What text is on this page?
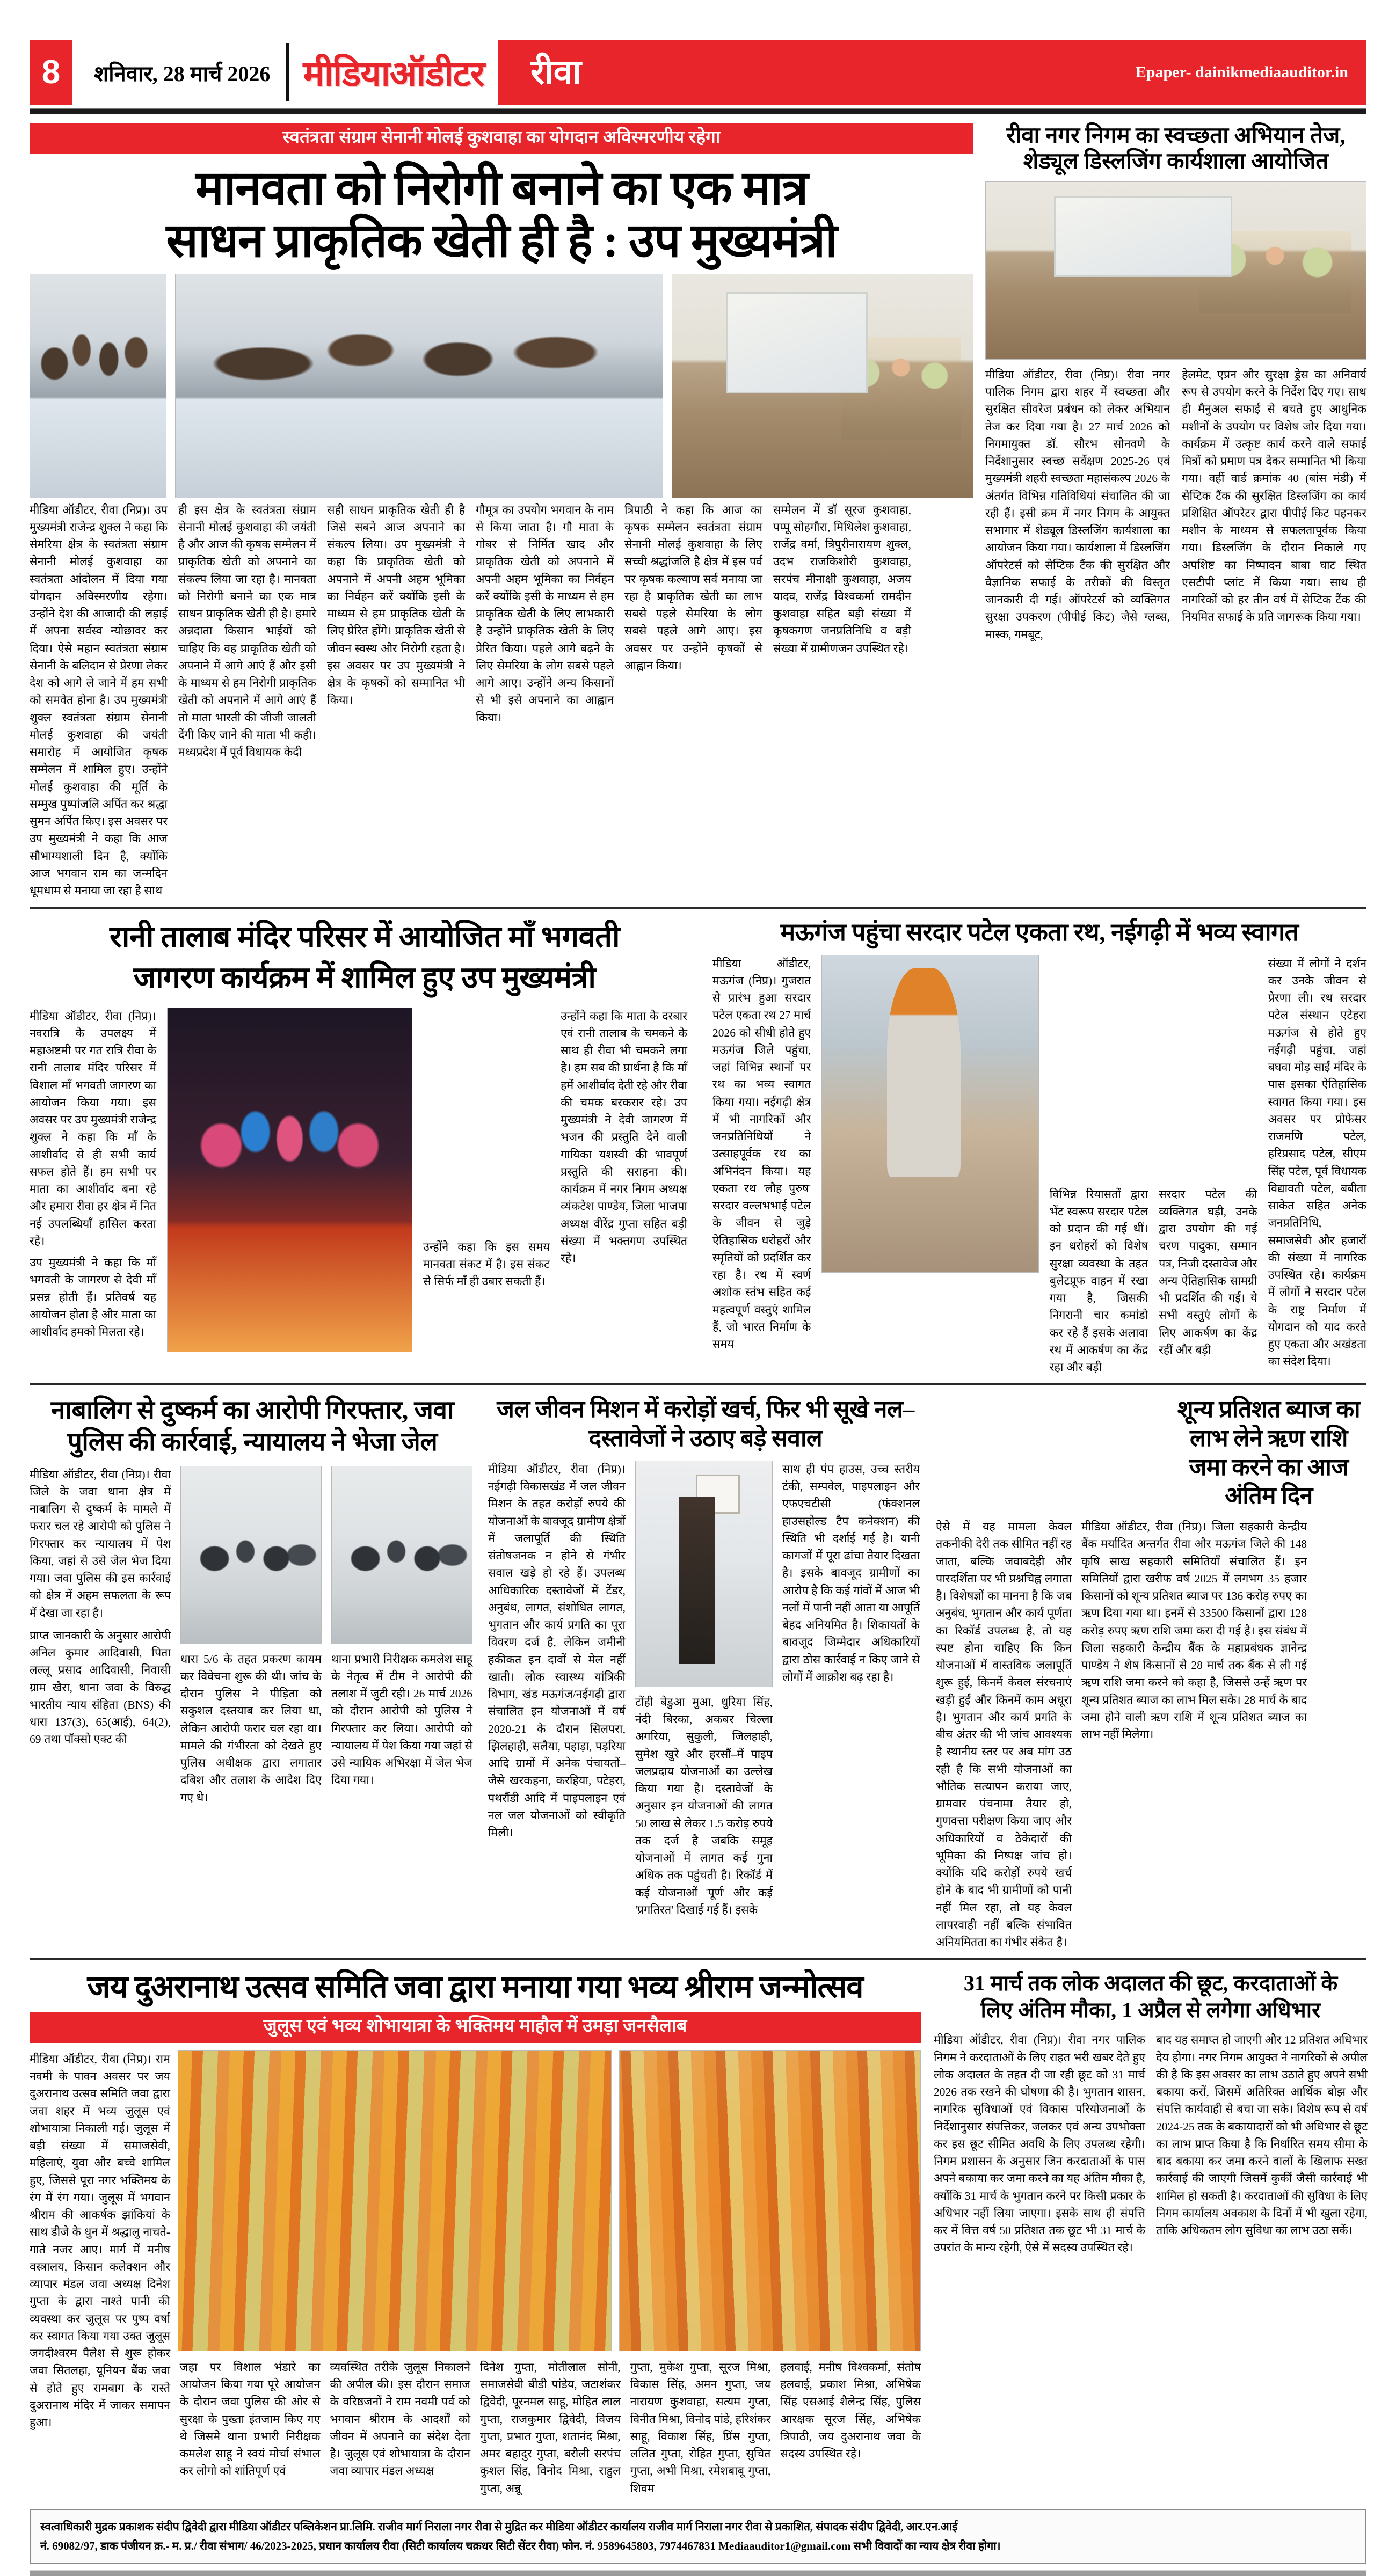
8	शनिवार, 28 मार्च 2026 मीडियाऑडीटर	रीवा	Epaper- dainikmediaauditor.in
स्वतंत्रता संग्राम सेनानी मोलई कुशवाहा का योगदान अविस्मरणीय रहेगा
मानवता को निरोगी बनाने का एक मात्र
साधन प्राकृतिक खेती ही है : उप मुख्यमंत्री
मीडिया ऑडीटर, रीवा (निप्र)। उप मुख्यमंत्री राजेन्द्र शुक्ल ने कहा कि सेमरिया क्षेत्र के स्वतंत्रता संग्राम सेनानी मोलई कुशवाहा का स्वतंत्रता आंदोलन में दिया गया योगदान अविस्मरणीय रहेगा। उन्होंने देश की आजादी की लड़ाई में अपना सर्वस्व न्योछावर कर दिया। ऐसे महान स्वतंत्रता संग्राम सेनानी के बलिदान से प्रेरणा लेकर देश को आगे ले जाने में हम सभी को समवेत होना है। उप मुख्यमंत्री शुक्ल स्वतंत्रता संग्राम सेनानी मोलई कुशवाहा की जयंती समारोह में आयोजित कृषक सम्मेलन में शामिल हुए। उन्होंने मोलई कुशवाहा की मूर्ति के सम्मुख पुष्पांजलि अर्पित कर श्रद्धा सुमन अर्पित किए। इस अवसर पर उप मुख्यमंत्री ने कहा कि आज सौभाग्यशाली दिन है, क्योंकि आज भगवान राम का जन्मदिन धूमधाम से मनाया जा रहा है साथ
ही इस क्षेत्र के स्वतंत्रता संग्राम सेनानी मोलई कुशवाहा की जयंती है और आज की कृषक सम्मेलन में प्राकृतिक खेती को अपनाने का संकल्प लिया जा रहा है। मानवता को निरोगी बनाने का एक मात्र साधन प्राकृतिक खेती ही है। हमारे अन्नदाता किसान भाईयों को चाहिए कि वह प्राकृतिक खेती को अपनाने में आगे आएं हैं और इसी के माध्यम से हम निरोगी प्राकृतिक खेती को अपनाने में आगे आएं हैं तो माता भारती की जीजी जालती देंगी किए जाने की माता भी कही। मध्यप्रदेश में पूर्व विधायक केदी
सही साधन प्राकृतिक खेती ही है जिसे सबने आज अपनाने का संकल्प लिया। उप मुख्यमंत्री ने कहा कि प्राकृतिक खेती को अपनाने में अपनी अहम भूमिका का निर्वहन करें क्योंकि इसी के माध्यम से हम प्राकृतिक खेती के लिए प्रेरित होंगे। प्राकृतिक खेती से जीवन स्वस्थ और निरोगी रहता है। इस अवसर पर उप मुख्यमंत्री ने क्षेत्र के कृषकों को सम्मानित भी किया।
गौमूत्र का उपयोग भगवान के नाम से किया जाता है। गौ माता के गोबर से निर्मित खाद और प्राकृतिक खेती को अपनाने में अपनी अहम भूमिका का निर्वहन करें क्योंकि इसी के माध्यम से हम प्राकृतिक खेती के लिए लाभकारी है उन्होंने प्राकृतिक खेती के लिए प्रेरित किया। पहले आगे बढ़ने के लिए सेमरिया के लोग सबसे पहले आगे आए। उन्होंने अन्य किसानों से भी इसे अपनाने का आह्वान किया।
त्रिपाठी ने कहा कि आज का कृषक सम्मेलन स्वतंत्रता संग्राम सेनानी मोलई कुशवाहा के लिए सच्ची श्रद्धांजलि है क्षेत्र में इस पर्व पर कृषक कल्याण सर्व मनाया जा रहा है प्राकृतिक खेती का लाभ सबसे पहले सेमरिया के लोग सबसे पहले आगे आए। इस अवसर पर उन्होंने कृषकों से आह्वान किया।
सम्मेलन में डॉ सूरज कुशवाहा, पप्पू सोहगौरा, मिथिलेश कुशवाहा, राजेंद्र वर्मा, त्रिपुरीनारायण शुक्ल, उदभ राजकिशोरी कुशवाहा, सरपंच मीनाक्षी कुशवाहा, अजय यादव, राजेंद्र विश्वकर्मा रामदीन कुशवाहा सहित बड़ी संख्या में कृषकगण जनप्रतिनिधि व बड़ी संख्या में ग्रामीणजन उपस्थित रहे।
रीवा नगर निगम का स्वच्छता अभियान तेज, शेड्यूल डिस्लजिंग कार्यशाला आयोजित
मीडिया ऑडीटर, रीवा (निप्र)। रीवा नगर पालिक निगम द्वारा शहर में स्वच्छता और सुरक्षित सीवरेज प्रबंधन को लेकर अभियान तेज कर दिया गया है। 27 मार्च 2026 को निगमायुक्त डॉ. सौरभ सोनवणे के निर्देशानुसार स्वच्छ सर्वेक्षण 2025-26 एवं मुख्यमंत्री शहरी स्वच्छता महासंकल्प 2026 के अंतर्गत विभिन्न गतिविधियां संचालित की जा रही हैं। इसी क्रम में नगर निगम के आयुक्त सभागार में शेड्यूल डिस्लजिंग कार्यशाला का आयोजन किया गया। कार्यशाला में डिस्लजिंग ऑपरेटर्स को सेप्टिक टैंक की सुरक्षित और वैज्ञानिक सफाई के तरीकों की विस्तृत जानकारी दी गई। ऑपरेटर्स को व्यक्तिगत सुरक्षा उपकरण (पीपीई किट) जैसे ग्लब्स, मास्क, गमबूट,
हेलमेट, एप्रन और सुरक्षा ड्रेस का अनिवार्य रूप से उपयोग करने के निर्देश दिए गए। साथ ही मैनुअल सफाई से बचते हुए आधुनिक मशीनों के उपयोग पर विशेष जोर दिया गया। कार्यक्रम में उत्कृष्ट कार्य करने वाले सफाई मित्रों को प्रमाण पत्र देकर सम्मानित भी किया गया। वहीं वार्ड क्रमांक 40 (बांस मंडी) में सेप्टिक टैंक की सुरक्षित डिस्लजिंग का कार्य प्रशिक्षित ऑपरेटर द्वारा पीपीई किट पहनकर मशीन के माध्यम से सफलतापूर्वक किया गया। डिस्लजिंग के दौरान निकाले गए अपशिष्ट का निष्पादन बाबा घाट स्थित एसटीपी प्लांट में किया गया। साथ ही नागरिकों को हर तीन वर्ष में सेप्टिक टैंक की नियमित सफाई के प्रति जागरूक किया गया।
रानी तालाब मंदिर परिसर में आयोजित माँ भगवती
जागरण कार्यक्रम में शामिल हुए उप मुख्यमंत्री
मीडिया ऑडीटर, रीवा (निप्र)। नवरात्रि के उपलक्ष्य में महाअष्टमी पर गत रात्रि रीवा के रानी तालाब मंदिर परिसर में विशाल माँ भगवती जागरण का आयोजन किया गया। इस अवसर पर उप मुख्यमंत्री राजेन्द्र शुक्ल ने कहा कि माँ के आशीर्वाद से ही सभी कार्य सफल होते हैं। हम सभी पर माता का आशीर्वाद बना रहे और हमारा रीवा हर क्षेत्र में नित नई उपलब्धियाँ हासिल करता रहे।
उप मुख्यमंत्री ने कहा कि माँ भगवती के जागरण से देवी माँ प्रसन्न होती हैं। प्रतिवर्ष यह आयोजन होता है और माता का आशीर्वाद हमको मिलता रहे।
उन्होंने कहा कि इस समय मानवता संकट में है। इस संकट से सिर्फ माँ ही उबार सकती हैं।
उन्होंने कहा कि माता के दरबार एवं रानी तालाब के चमकने के साथ ही रीवा भी चमकने लगा है। हम सब की प्रार्थना है कि माँ हमें आशीर्वाद देती रहे और रीवा की चमक बरकरार रहे। उप मुख्यमंत्री ने देवी जागरण में भजन की प्रस्तुति देने वाली गायिका यशस्वी की भावपूर्ण प्रस्तुति की सराहना की। कार्यक्रम में नगर निगम अध्यक्ष व्यंकटेश पाण्डेय, जिला भाजपा अध्यक्ष वीरेंद्र गुप्ता सहित बड़ी संख्या में भक्तगण उपस्थित रहे।
मऊगंज पहुंचा सरदार पटेल एकता रथ, नईगढ़ी में भव्य स्वागत
मीडिया ऑडीटर, मऊगंज (निप्र)। गुजरात से प्रारंभ हुआ सरदार पटेल एकता रथ 27 मार्च 2026 को सीधी होते हुए मऊगंज जिले पहुंचा, जहां विभिन्न स्थानों पर रथ का भव्य स्वागत किया गया। नईगढ़ी क्षेत्र में भी नागरिकों और जनप्रतिनिधियों ने उत्साहपूर्वक रथ का अभिनंदन किया। यह एकता रथ 'लौह पुरुष' सरदार वल्लभभाई पटेल के जीवन से जुड़े ऐतिहासिक धरोहरों और स्मृतियों को प्रदर्शित कर रहा है। रथ में स्वर्ण अशोक स्तंभ सहित कई महत्वपूर्ण वस्तुएं शामिल हैं, जो भारत निर्माण के समय
विभिन्न रियासतों द्वारा भेंट स्वरूप सरदार पटेल को प्रदान की गई थीं। इन धरोहरों को विशेष सुरक्षा व्यवस्था के तहत बुलेटप्रूफ वाहन में रखा गया है, जिसकी निगरानी चार कमांडो कर रहे हैं इसके अलावा रथ में आकर्षण का केंद्र रहा और बड़ी
सरदार पटेल की व्यक्तिगत घड़ी, उनके द्वारा उपयोग की गई चरण पादुका, सम्मान पत्र, निजी दस्तावेज और अन्य ऐतिहासिक सामग्री भी प्रदर्शित की गई। ये सभी वस्तुएं लोगों के लिए आकर्षण का केंद्र रहीं और बड़ी
संख्या में लोगों ने दर्शन कर उनके जीवन से प्रेरणा ली। रथ सरदार पटेल संस्थान एटेहरा मऊगंज से होते हुए नईगढ़ी पहुंचा, जहां बघवा मोड़ साईं मंदिर के पास इसका ऐतिहासिक स्वागत किया गया। इस अवसर पर प्रोफेसर राजमणि पटेल, हरिप्रसाद पटेल, सीएम सिंह पटेल, पूर्व विधायक विद्यावती पटेल, बबीता साकेत सहित अनेक जनप्रतिनिधि, समाजसेवी और हजारों की संख्या में नागरिक उपस्थित रहे। कार्यक्रम में लोगों ने सरदार पटेल के राष्ट्र निर्माण में योगदान को याद करते हुए एकता और अखंडता का संदेश दिया।
नाबालिग से दुष्कर्म का आरोपी गिरफ्तार, जवा
पुलिस की कार्रवाई, न्यायालय ने भेजा जेल
मीडिया ऑडीटर, रीवा (निप्र)। रीवा जिले के जवा थाना क्षेत्र में नाबालिग से दुष्कर्म के मामले में फरार चल रहे आरोपी को पुलिस ने गिरफ्तार कर न्यायालय में पेश किया, जहां से उसे जेल भेज दिया गया। जवा पुलिस की इस कार्रवाई को क्षेत्र में अहम सफलता के रूप में देखा जा रहा है।
प्राप्त जानकारी के अनुसार आरोपी अनिल कुमार आदिवासी, पिता लल्लू प्रसाद आदिवासी, निवासी ग्राम खैरा, थाना जवा के विरुद्ध भारतीय न्याय संहिता (BNS) की धारा 137(3), 65(आई), 64(2), 69 तथा पॉक्सो एक्ट की
धारा 5/6 के तहत प्रकरण कायम कर विवेचना शुरू की थी। जांच के दौरान पुलिस ने पीड़िता को सकुशल दस्तयाब कर लिया था, लेकिन आरोपी फरार चल रहा था। मामले की गंभीरता को देखते हुए पुलिस अधीक्षक द्वारा लगातार दबिश और तलाश के आदेश दिए गए थे।
थाना प्रभारी निरीक्षक कमलेश साहू के नेतृत्व में टीम ने आरोपी की तलाश में जुटी रही। 26 मार्च 2026 को दौरान आरोपी को पुलिस ने गिरफ्तार कर लिया। आरोपी को न्यायालय में पेश किया गया जहां से उसे न्यायिक अभिरक्षा में जेल भेज दिया गया।
जल जीवन मिशन में करोड़ों खर्च, फिर भी सूखे नल–दस्तावेजों ने उठाए बड़े सवाल
मीडिया ऑडीटर, रीवा (निप्र)। नईगढ़ी विकासखंड में जल जीवन मिशन के तहत करोड़ों रुपये की योजनाओं के बावजूद ग्रामीण क्षेत्रों में जलापूर्ति की स्थिति संतोषजनक न होने से गंभीर सवाल खड़े हो रहे हैं। उपलब्ध आधिकारिक दस्तावेजों में टेंडर, अनुबंध, लागत, संशोधित लागत, भुगतान और कार्य प्रगति का पूरा विवरण दर्ज है, लेकिन जमीनी हकीकत इन दावों से मेल नहीं खाती। लोक स्वास्थ्य यांत्रिकी विभाग, खंड मऊगंज/नईगढ़ी द्वारा संचालित इन योजनाओं में वर्ष 2020-21 के दौरान सिलपरा, झिलहाही, सलैया, पहाड़ा, पड़रिया आदि ग्रामों में अनेक पंचायतों–जैसे खरकहना, करहिया, पटेहरा, पथरौंडी आदि में पाइपलाइन एवं नल जल योजनाओं को स्वीकृति मिली।
टोंही बेडुआ मुआ, धुरिया सिंह, नंदी बिरका, अकबर चिल्ला अगरिया, सुकुली, जिलहाही, सुमेश खुरे और हरसौं–में पाइप जलप्रदाय योजनाओं का उल्लेख किया गया है। दस्तावेजों के अनुसार इन योजनाओं की लागत 50 लाख से लेकर 1.5 करोड़ रुपये तक दर्ज है जबकि समूह योजनाओं में लागत कई गुना अधिक तक पहुंचती है। रिकॉर्ड में कई योजनाओं 'पूर्ण' और कई 'प्रगतिरत' दिखाई गई हैं। इसके
साथ ही पंप हाउस, उच्च स्तरीय टंकी, सम्पवेल, पाइपलाइन और एफएचटीसी (फंक्शनल हाउसहोल्ड टैप कनेक्शन) की स्थिति भी दर्शाई गई है। यानी कागजों में पूरा ढांचा तैयार दिखता है। इसके बावजूद ग्रामीणों का आरोप है कि कई गांवों में आज भी नलों में पानी नहीं आता या आपूर्ति बेहद अनियमित है। शिकायतों के बावजूद जिम्मेदार अधिकारियों द्वारा ठोस कार्रवाई न किए जाने से लोगों में आक्रोश बढ़ रहा है।
शून्य प्रतिशत ब्याज का
लाभ लेने ऋण राशि
जमा करने का आज
अंतिम दिन
ऐसे में यह मामला केवल तकनीकी देरी तक सीमित नहीं रह जाता, बल्कि जवाबदेही और पारदर्शिता पर भी प्रश्नचिह्न लगाता है। विशेषज्ञों का मानना है कि जब अनुबंध, भुगतान और कार्य पूर्णता का रिकॉर्ड उपलब्ध है, तो यह स्पष्ट होना चाहिए कि किन योजनाओं में वास्तविक जलापूर्ति शुरू हुई, किनमें केवल संरचनाएं खड़ी हुईं और किनमें काम अधूरा है। भुगतान और कार्य प्रगति के बीच अंतर की भी जांच आवश्यक है स्थानीय स्तर पर अब मांग उठ रही है कि सभी योजनाओं का भौतिक सत्यापन कराया जाए, ग्रामवार पंचनामा तैयार हो, गुणवत्ता परीक्षण किया जाए और अधिकारियों व ठेकेदारों की भूमिका की निष्पक्ष जांच हो। क्योंकि यदि करोड़ों रुपये खर्च होने के बाद भी ग्रामीणों को पानी नहीं मिल रहा, तो यह केवल लापरवाही नहीं बल्कि संभावित अनियमितता का गंभीर संकेत है।
मीडिया ऑडीटर, रीवा (निप्र)। जिला सहकारी केन्द्रीय बैंक मर्यादित अन्तर्गत रीवा और मऊगंज जिले की 148 कृषि साख सहकारी समितियाँ संचालित हैं। इन समितियों द्वारा खरीफ वर्ष 2025 में लगभग 35 हजार किसानों को शून्य प्रतिशत ब्याज पर 136 करोड़ रुपए का ऋण दिया गया था। इनमें से 33500 किसानों द्वारा 128 करोड़ रुपए ऋण राशि जमा करा दी गई है। इस संबंध में जिला सहकारी केन्द्रीय बैंक के महाप्रबंधक ज्ञानेन्द्र पाण्डेय ने शेष किसानों से 28 मार्च तक बैंक से ली गई ऋण राशि जमा करने को कहा है, जिससे उन्हें ऋण पर शून्य प्रतिशत ब्याज का लाभ मिल सके। 28 मार्च के बाद जमा होने वाली ऋण राशि में शून्य प्रतिशत ब्याज का लाभ नहीं मिलेगा।
जय दुअरानाथ उत्सव समिति जवा द्वारा मनाया गया भव्य श्रीराम जन्मोत्सव
जुलूस एवं भव्य शोभायात्रा के भक्तिमय माहौल में उमड़ा जनसैलाब
मीडिया ऑडीटर, रीवा (निप्र)। राम नवमी के पावन अवसर पर जय दुअरानाथ उत्सव समिति जवा द्वारा जवा शहर में भव्य जुलूस एवं शोभायात्रा निकाली गई। जुलूस में बड़ी संख्या में समाजसेवी, महिलाएं, युवा और बच्चे शामिल हुए, जिससे पूरा नगर भक्तिमय के रंग में रंग गया। जुलूस में भगवान श्रीराम की आकर्षक झांकियां के साथ डीजे के धुन में श्रद्धालु नाचते-गाते नजर आए। मार्ग में मनीष वस्त्रालय, किसान कलेक्शन और व्यापार मंडल जवा अध्यक्ष दिनेश गुप्ता के द्वारा नाश्ते पानी की व्यवस्था कर जुलूस पर पुष्प वर्षा कर स्वागत किया गया उक्त जुलूस जगदीश्वरम पैलेश से शुरू होकर जवा सितलहा, यूनियन बैंक जवा से होते हुए रामबाग के रास्ते दुअरानाथ मंदिर में जाकर समापन हुआ।
जहा पर विशाल भंडारे का आयोजन किया गया पूरे आयोजन के दौरान जवा पुलिस की ओर से सुरक्षा के पुख्ता इंतजाम किए गए थे जिसमे थाना प्रभारी निरीक्षक कमलेश साहू ने स्वयं मोर्चा संभाल कर लोगो को शांतिपूर्ण एवं
व्यवस्थित तरीके जुलूस निकालने की अपील की। इस दौरान समाज के वरिष्ठजनों ने राम नवमी पर्व को भगवान श्रीराम के आदर्शों को जीवन में अपनाने का संदेश देता है। जुलूस एवं शोभायात्रा के दौरान जवा व्यापार मंडल अध्यक्ष
दिनेश गुप्ता, मोतीलाल सोनी, समाजसेवी बीडी पांडेय, जटाशंकर द्विवेदी, पूरनमल साहू, मोहित लाल गुप्ता, राजकुमार द्विवेदी, विजय गुप्ता, प्रभात गुप्ता, शतानंद मिश्रा, अमर बहादुर गुप्ता, बरौली सरपंच कुशल सिंह, विनोद मिश्रा, राहुल गुप्ता, अन्नू
गुप्ता, मुकेश गुप्ता, सूरज मिश्रा, विकास सिंह, अमन गुप्ता, जय नारायण कुशवाहा, सत्यम गुप्ता, विनीत मिश्रा, विनोद पांडे, हरिशंकर साहू, विकाश सिंह, प्रिंस गुप्ता, ललित गुप्ता, रोहित गुप्ता, सुचित गुप्ता, अभी मिश्रा, रमेशबाबू गुप्ता, शिवम
हलवाई, मनीष विश्वकर्मा, संतोष हलवाई, प्रकाश मिश्रा, अभिषेक सिंह एसआई शैलेन्द्र सिंह, पुलिस आरक्षक सूरज सिंह, अभिषेक त्रिपाठी, जय दुअरानाथ जवा के सदस्य उपस्थित रहे।
31 मार्च तक लोक अदालत की छूट, करदाताओं के
लिए अंतिम मौका, 1 अप्रैल से लगेगा अधिभार
मीडिया ऑडीटर, रीवा (निप्र)। रीवा नगर पालिक निगम ने करदाताओं के लिए राहत भरी खबर देते हुए लोक अदालत के तहत दी जा रही छूट को 31 मार्च 2026 तक रखने की घोषणा की है। भुगतान शासन, नागरिक सुविधाओं एवं विकास परियोजनाओं के निर्देशानुसार संपत्तिकर, जलकर एवं अन्य उपभोक्ता कर इस छूट सीमित अवधि के लिए उपलब्ध रहेगी। निगम प्रशासन के अनुसार जिन करदाताओं के पास अपने बकाया कर जमा करने का यह अंतिम मौका है, क्योंकि 31 मार्च के भुगतान करने पर किसी प्रकार के अधिभार नहीं लिया जाएगा। इसके साथ ही संपत्ति कर में वित्त वर्ष 50 प्रतिशत तक छूट भी 31 मार्च के उपरांत के मान्य रहेगी, ऐसे में सदस्य उपस्थित रहे।
बाद यह समाप्त हो जाएगी और 12 प्रतिशत अधिभार देय होगा। नगर निगम आयुक्त ने नागरिकों से अपील की है कि इस अवसर का लाभ उठाते हुए अपने सभी बकाया करों, जिसमें अतिरिक्त आर्थिक बोझ और संपत्ति कार्यवाही से बचा जा सके। विशेष रूप से वर्ष 2024-25 तक के बकायादारों को भी अधिभार से छूट का लाभ प्राप्त किया है कि निर्धारित समय सीमा के बाद बकाया कर जमा करने वालों के खिलाफ सख्त कार्रवाई की जाएगी जिसमें कुर्की जैसी कार्रवाई भी शामिल हो सकती है। करदाताओं की सुविधा के लिए निगम कार्यालय अवकाश के दिनों में भी खुला रहेगा, ताकि अधिकतम लोग सुविधा का लाभ उठा सकें।
स्वत्वाधिकारी मुद्रक प्रकाशक संदीप द्विवेदी द्वारा मीडिया ऑडीटर पब्लिकेशन प्रा.लिमि. राजीव मार्ग निराला नगर रीवा से मुद्रित कर मीडिया ऑडीटर कार्यालय राजीव मार्ग निराला नगर रीवा से प्रकाशित, संपादक संदीप द्विवेदी, आर.एन.आई
नं. 69082/97, डाक पंजीयन क्र.- म. प्र./ रीवा संभाग/ 46/2023-2025, प्रधान कार्यालय रीवा (सिटी कार्यालय चक्रधर सिटी सेंटर रीवा) फोन. नं. 9589645803, 7974467831 Mediaauditor1@gmail.com सभी विवादों का न्याय क्षेत्र रीवा होगा।
